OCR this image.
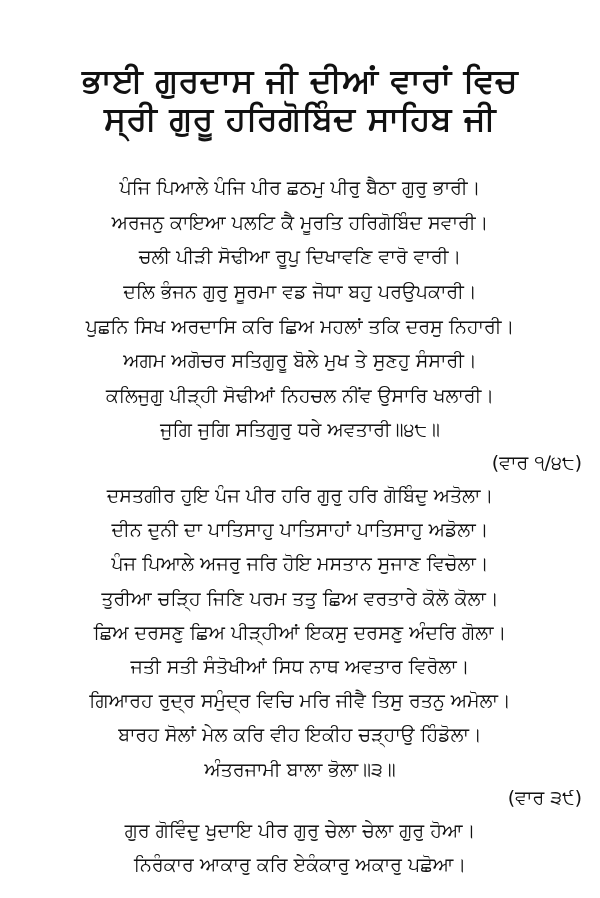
ਭਾਈ ਗੁਰਦਾਸ ਜੀ ਦੀਆਂ ਵਾਰਾਂ ਵਿਚ
ਸ੍ਰੀ ਗੁਰੂ ਹਰਿਗੋਬਿੰਦ ਸਾਹਿਬ ਜੀ
ਪੰਜਿ ਪਿਆਲੇ ਪੰਜਿ ਪੀਰ ਛਠਮੁ ਪੀਰੁ ਬੈਠਾ ਗੁਰੁ ਭਾਰੀ।
ਅਰਜਨੁ ਕਾਇਆ ਪਲਟਿ ਕੈ ਮੂਰਤਿ ਹਰਿਗੋਬਿੰਦ ਸਵਾਰੀ।
ਚਲੀ ਪੀੜੀ ਸੋਢੀਆ ਰੂਪੁ ਦਿਖਾਵਣਿ ਵਾਰੋ ਵਾਰੀ।
ਦਲਿ ਭੰਜਨ ਗੁਰੁ ਸੂਰਮਾ ਵਡ ਜੋਧਾ ਬਹੁ ਪਰਉਪਕਾਰੀ।
ਪੁਛਨਿ ਸਿਖ ਅਰਦਾਸਿ ਕਰਿ ਛਿਅ ਮਹਲਾਂ ਤਕਿ ਦਰਸੁ ਨਿਹਾਰੀ।
ਅਗਮ ਅਗੋਚਰ ਸਤਿਗੁਰੂ ਬੋਲੇ ਮੁਖ ਤੇ ਸੁਣਹੁ ਸੰਸਾਰੀ।
ਕਲਿਜੁਗੁ ਪੀੜ੍ਹੀ ਸੋਢੀਆਂ ਨਿਹਚਲ ਨੀਂਵ ਉਸਾਰਿ ਖਲਾਰੀ।
ਜੁਗਿ ਜੁਗਿ ਸਤਿਗੁਰੁ ਧਰੇ ਅਵਤਾਰੀ॥੪੮॥
(ਵਾਰ ੧/੪੮)
ਦਸਤਗੀਰ ਹੁਇ ਪੰਜ ਪੀਰ ਹਰਿ ਗੁਰੁ ਹਰਿ ਗੋਬਿੰਦੁ ਅਤੋਲਾ।
ਦੀਨ ਦੁਨੀ ਦਾ ਪਾਤਿਸਾਹੁ ਪਾਤਿਸਾਹਾਂ ਪਾਤਿਸਾਹੁ ਅਡੋਲਾ।
ਪੰਜ ਪਿਆਲੇ ਅਜਰੁ ਜਰਿ ਹੋਇ ਮਸਤਾਨ ਸੁਜਾਣ ਵਿਚੋਲਾ।
ਤੁਰੀਆ ਚੜ੍ਹਿ ਜਿਣਿ ਪਰਮ ਤਤੁ ਛਿਅ ਵਰਤਾਰੇ ਕੋਲੋ ਕੋਲਾ।
ਛਿਅ ਦਰਸਣੁ ਛਿਅ ਪੀੜ੍ਹੀਆਂ ਇਕਸੁ ਦਰਸਣੁ ਅੰਦਰਿ ਗੋਲਾ।
ਜਤੀ ਸਤੀ ਸੰਤੋਖੀਆਂ ਸਿਧ ਨਾਥ ਅਵਤਾਰ ਵਿਰੋਲਾ।
ਗਿਆਰਹ ਰੁਦ੍ਰ ਸਮੁੰਦ੍ਰ ਵਿਚਿ ਮਰਿ ਜੀਵੈ ਤਿਸੁ ਰਤਨੁ ਅਮੋਲਾ।
ਬਾਰਹ ਸੋਲਾਂ ਮੇਲ ਕਰਿ ਵੀਹ ਇਕੀਹ ਚੜ੍ਹਾਉ ਹਿੰਡੋਲਾ।
ਅੰਤਰਜਾਮੀ ਬਾਲਾ ਭੋਲਾ॥੩॥
(ਵਾਰ ੩੯)
ਗੁਰ ਗੋਵਿੰਦੁ ਖੁਦਾਇ ਪੀਰ ਗੁਰੁ ਚੇਲਾ ਚੇਲਾ ਗੁਰੁ ਹੋਆ।
ਨਿਰੰਕਾਰ ਆਕਾਰੁ ਕਰਿ ਏਕੰਕਾਰੁ ਅਕਾਰੁ ਪਛੋਆ।
